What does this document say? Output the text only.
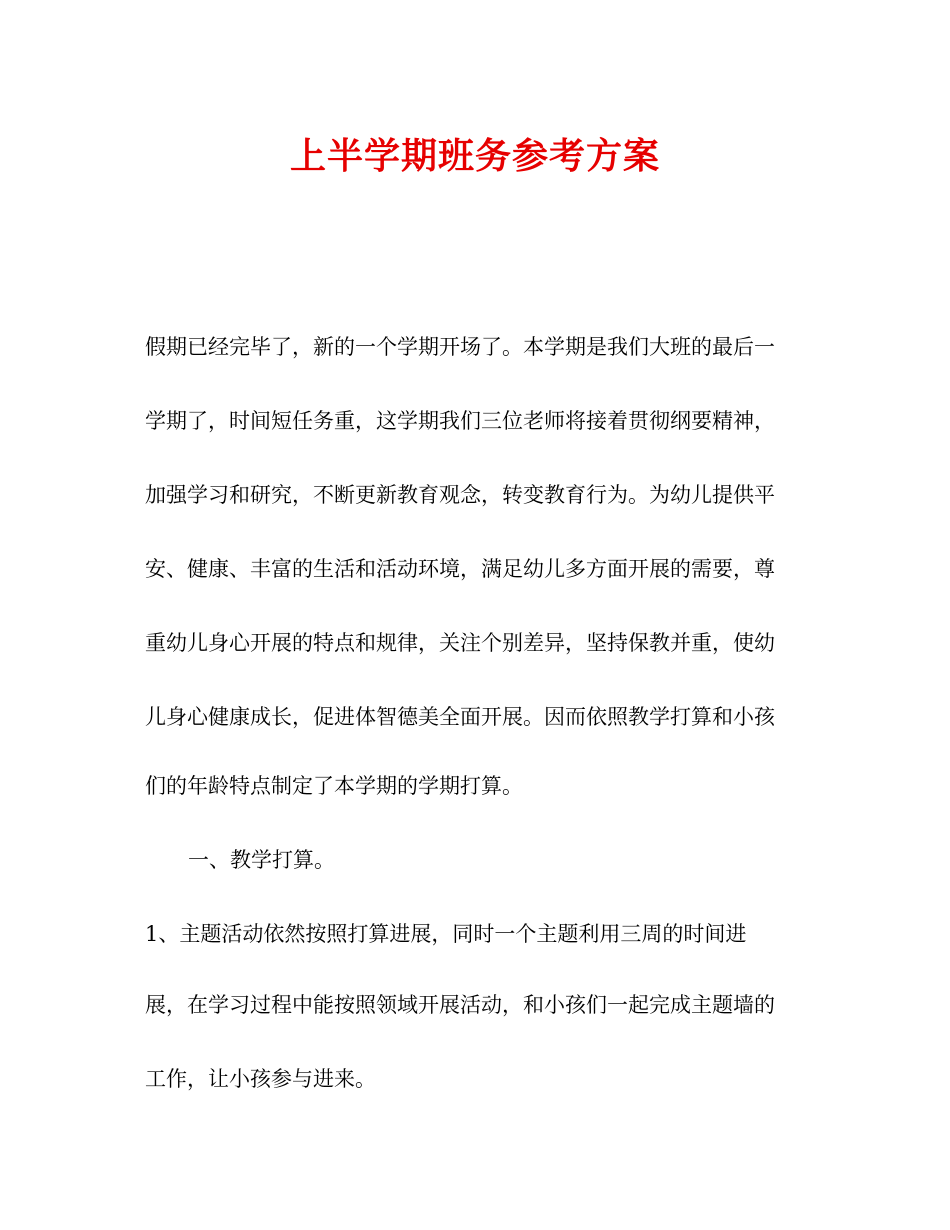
上半学期班务参考方案
假期已经完毕了，新的一个学期开场了。本学期是我们大班的最后一
学期了，时间短任务重，这学期我们三位老师将接着贯彻纲要精神，
加强学习和研究，不断更新教育观念，转变教育行为。为幼儿提供平
安、健康、丰富的生活和活动环境，满足幼儿多方面开展的需要，尊
重幼儿身心开展的特点和规律，关注个别差异，坚持保教并重，使幼
儿身心健康成长，促进体智德美全面开展。因而依照教学打算和小孩
们的年龄特点制定了本学期的学期打算。
一、教学打算。
1、主题活动依然按照打算进展，同时一个主题利用三周的时间进
展，在学习过程中能按照领域开展活动，和小孩们一起完成主题墙的
工作，让小孩参与进来。
